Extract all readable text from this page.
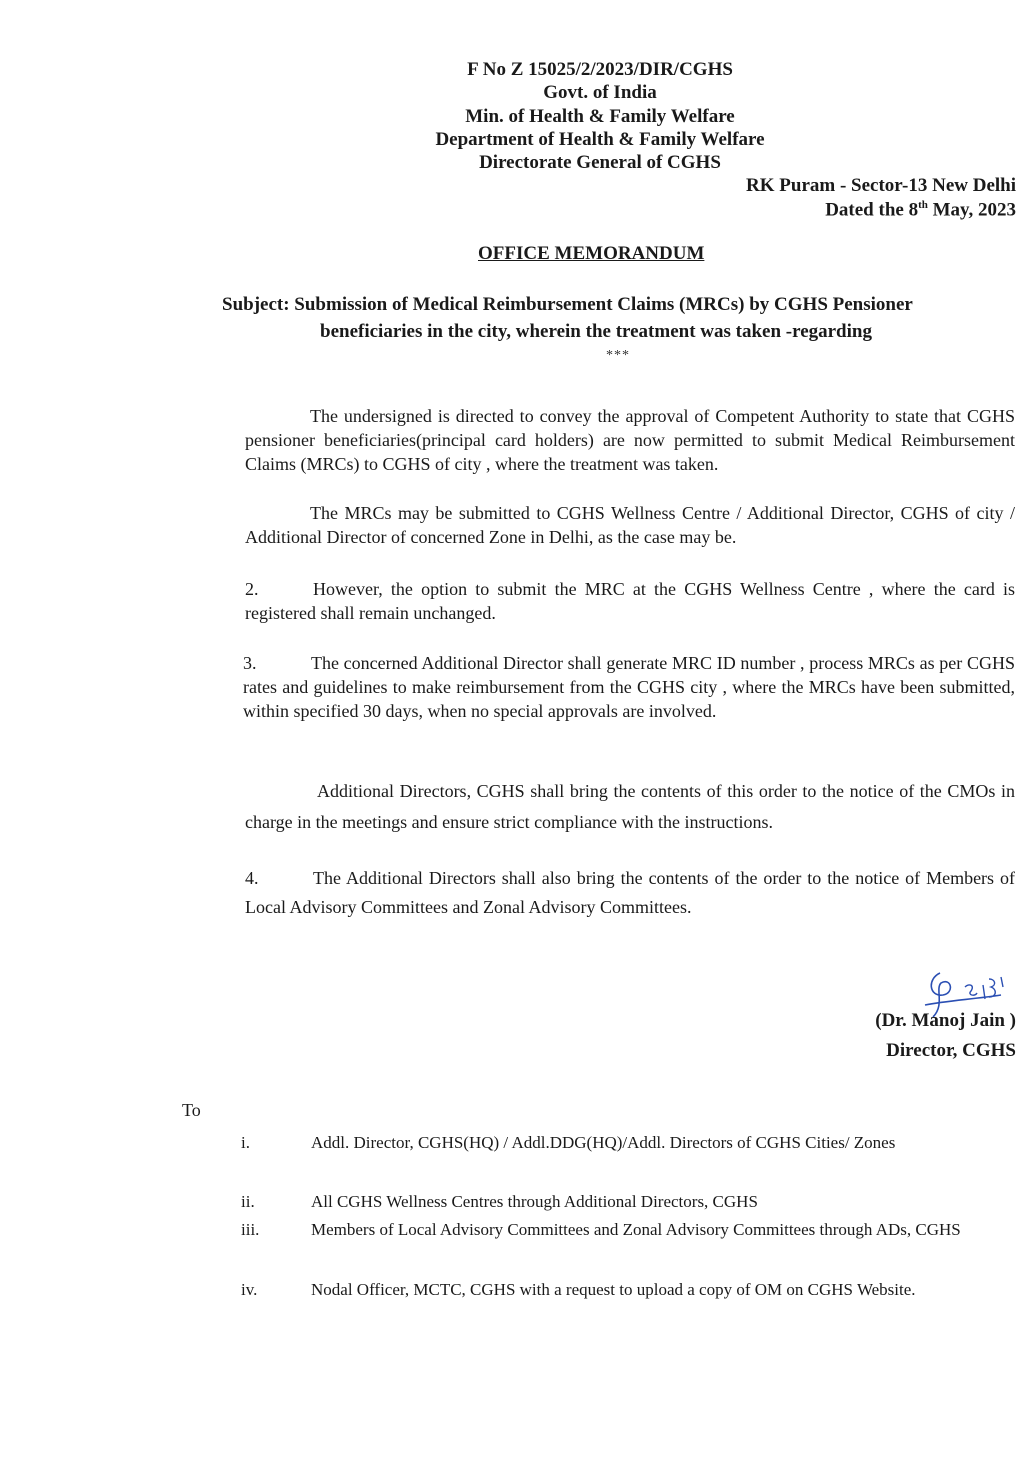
F No Z 15025/2/2023/DIR/CGHS
Govt. of India
Min. of Health & Family Welfare
Department of Health & Family Welfare
Directorate General of CGHS
RK Puram - Sector-13 New Delhi
Dated the 8th May, 2023
OFFICE MEMORANDUM
Subject: Submission of Medical Reimbursement Claims (MRCs) by CGHS Pensioner
beneficiaries in the city, wherein the treatment was taken -regarding
***
The undersigned is directed to convey the approval of Competent Authority to state that CGHS pensioner beneficiaries(principal card holders) are now permitted to submit Medical Reimbursement Claims (MRCs) to CGHS of city , where the treatment was taken.
The MRCs may be submitted to CGHS Wellness Centre / Additional Director, CGHS of city / Additional Director of concerned Zone in Delhi, as the case may be.
2.	However, the option to submit the MRC at the CGHS Wellness Centre , where the card is registered shall remain unchanged.
3.	The concerned Additional Director shall generate MRC ID number , process MRCs as per CGHS rates and guidelines to make reimbursement from the CGHS city , where the MRCs have been submitted, within specified 30 days, when no special approvals are involved.
Additional Directors, CGHS shall bring the contents of this order to the notice of the CMOs in charge in the meetings and ensure strict compliance with the instructions.
4.	The Additional Directors shall also bring the contents of the order to the notice of Members of Local Advisory Committees and Zonal Advisory Committees.
(Dr. Manoj Jain )
Director, CGHS
To
i.	Addl. Director, CGHS(HQ) / Addl.DDG(HQ)/Addl. Directors of CGHS Cities/ Zones
ii.	All CGHS Wellness Centres through Additional Directors, CGHS
iii.	Members of Local Advisory Committees and Zonal Advisory Committees through ADs, CGHS
iv.	Nodal Officer, MCTC, CGHS with a request to upload a copy of OM on CGHS Website.
